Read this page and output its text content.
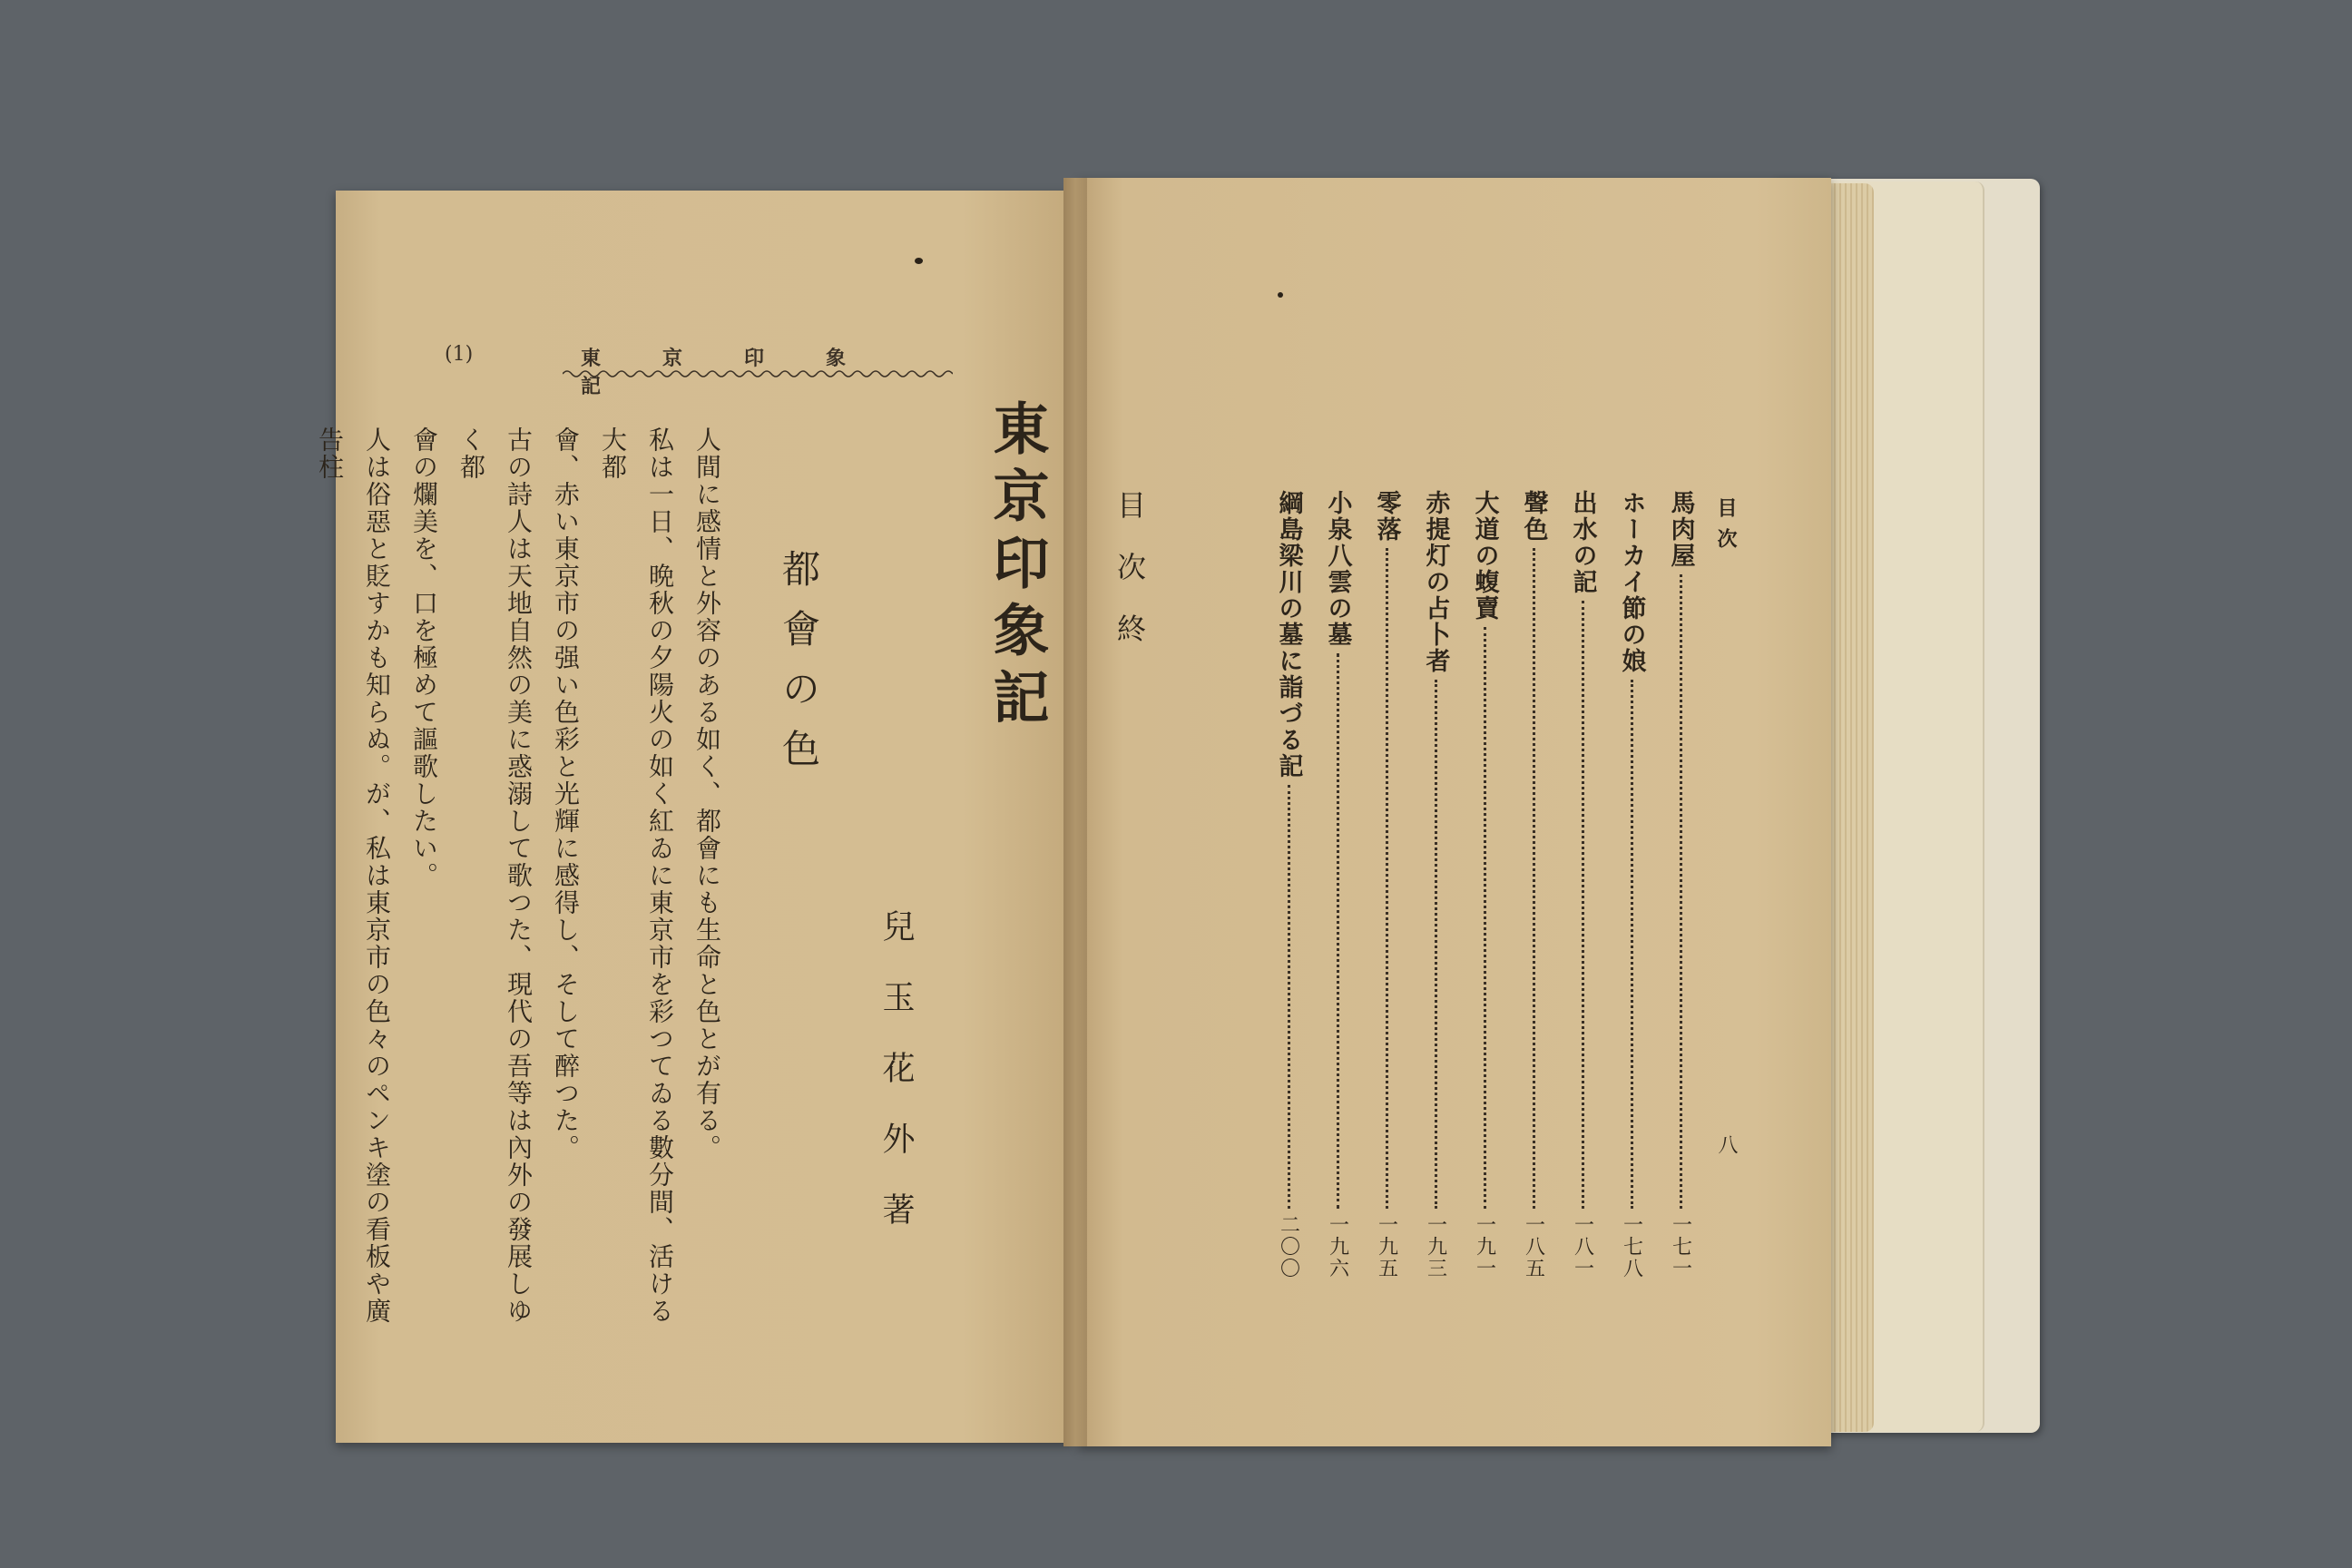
(1)	東京印象記
東京印象記
都會の色
兒玉花外著

人間に感情と外容のある如く、都會にも生命と色とが有る。

私は一日、晩秋の夕陽火の如く紅ゐに東京市を彩つてゐる數分間、活ける大都

會、赤い東京市の强い色彩と光輝に感得し、そして醉つた。

古の詩人は天地自然の美に惑溺して歌つた、現代の吾等は內外の發展しゆく都

會の爛美を、口を極めて謳歌したい。

人は俗惡と貶すかも知らぬ。が、私は東京市の色々のペンキ塗の看板や廣告柱

目次
八
馬肉屋
一七一
ホーカイ節の娘
一七八
出水の記
一八一
聲色
一八五
大道の蝮賣
一九一
赤提灯の占卜者
一九三
零落
一九五
小泉八雲の墓
一九六
綱島梁川の墓に詣づる記
二〇〇
目次終
